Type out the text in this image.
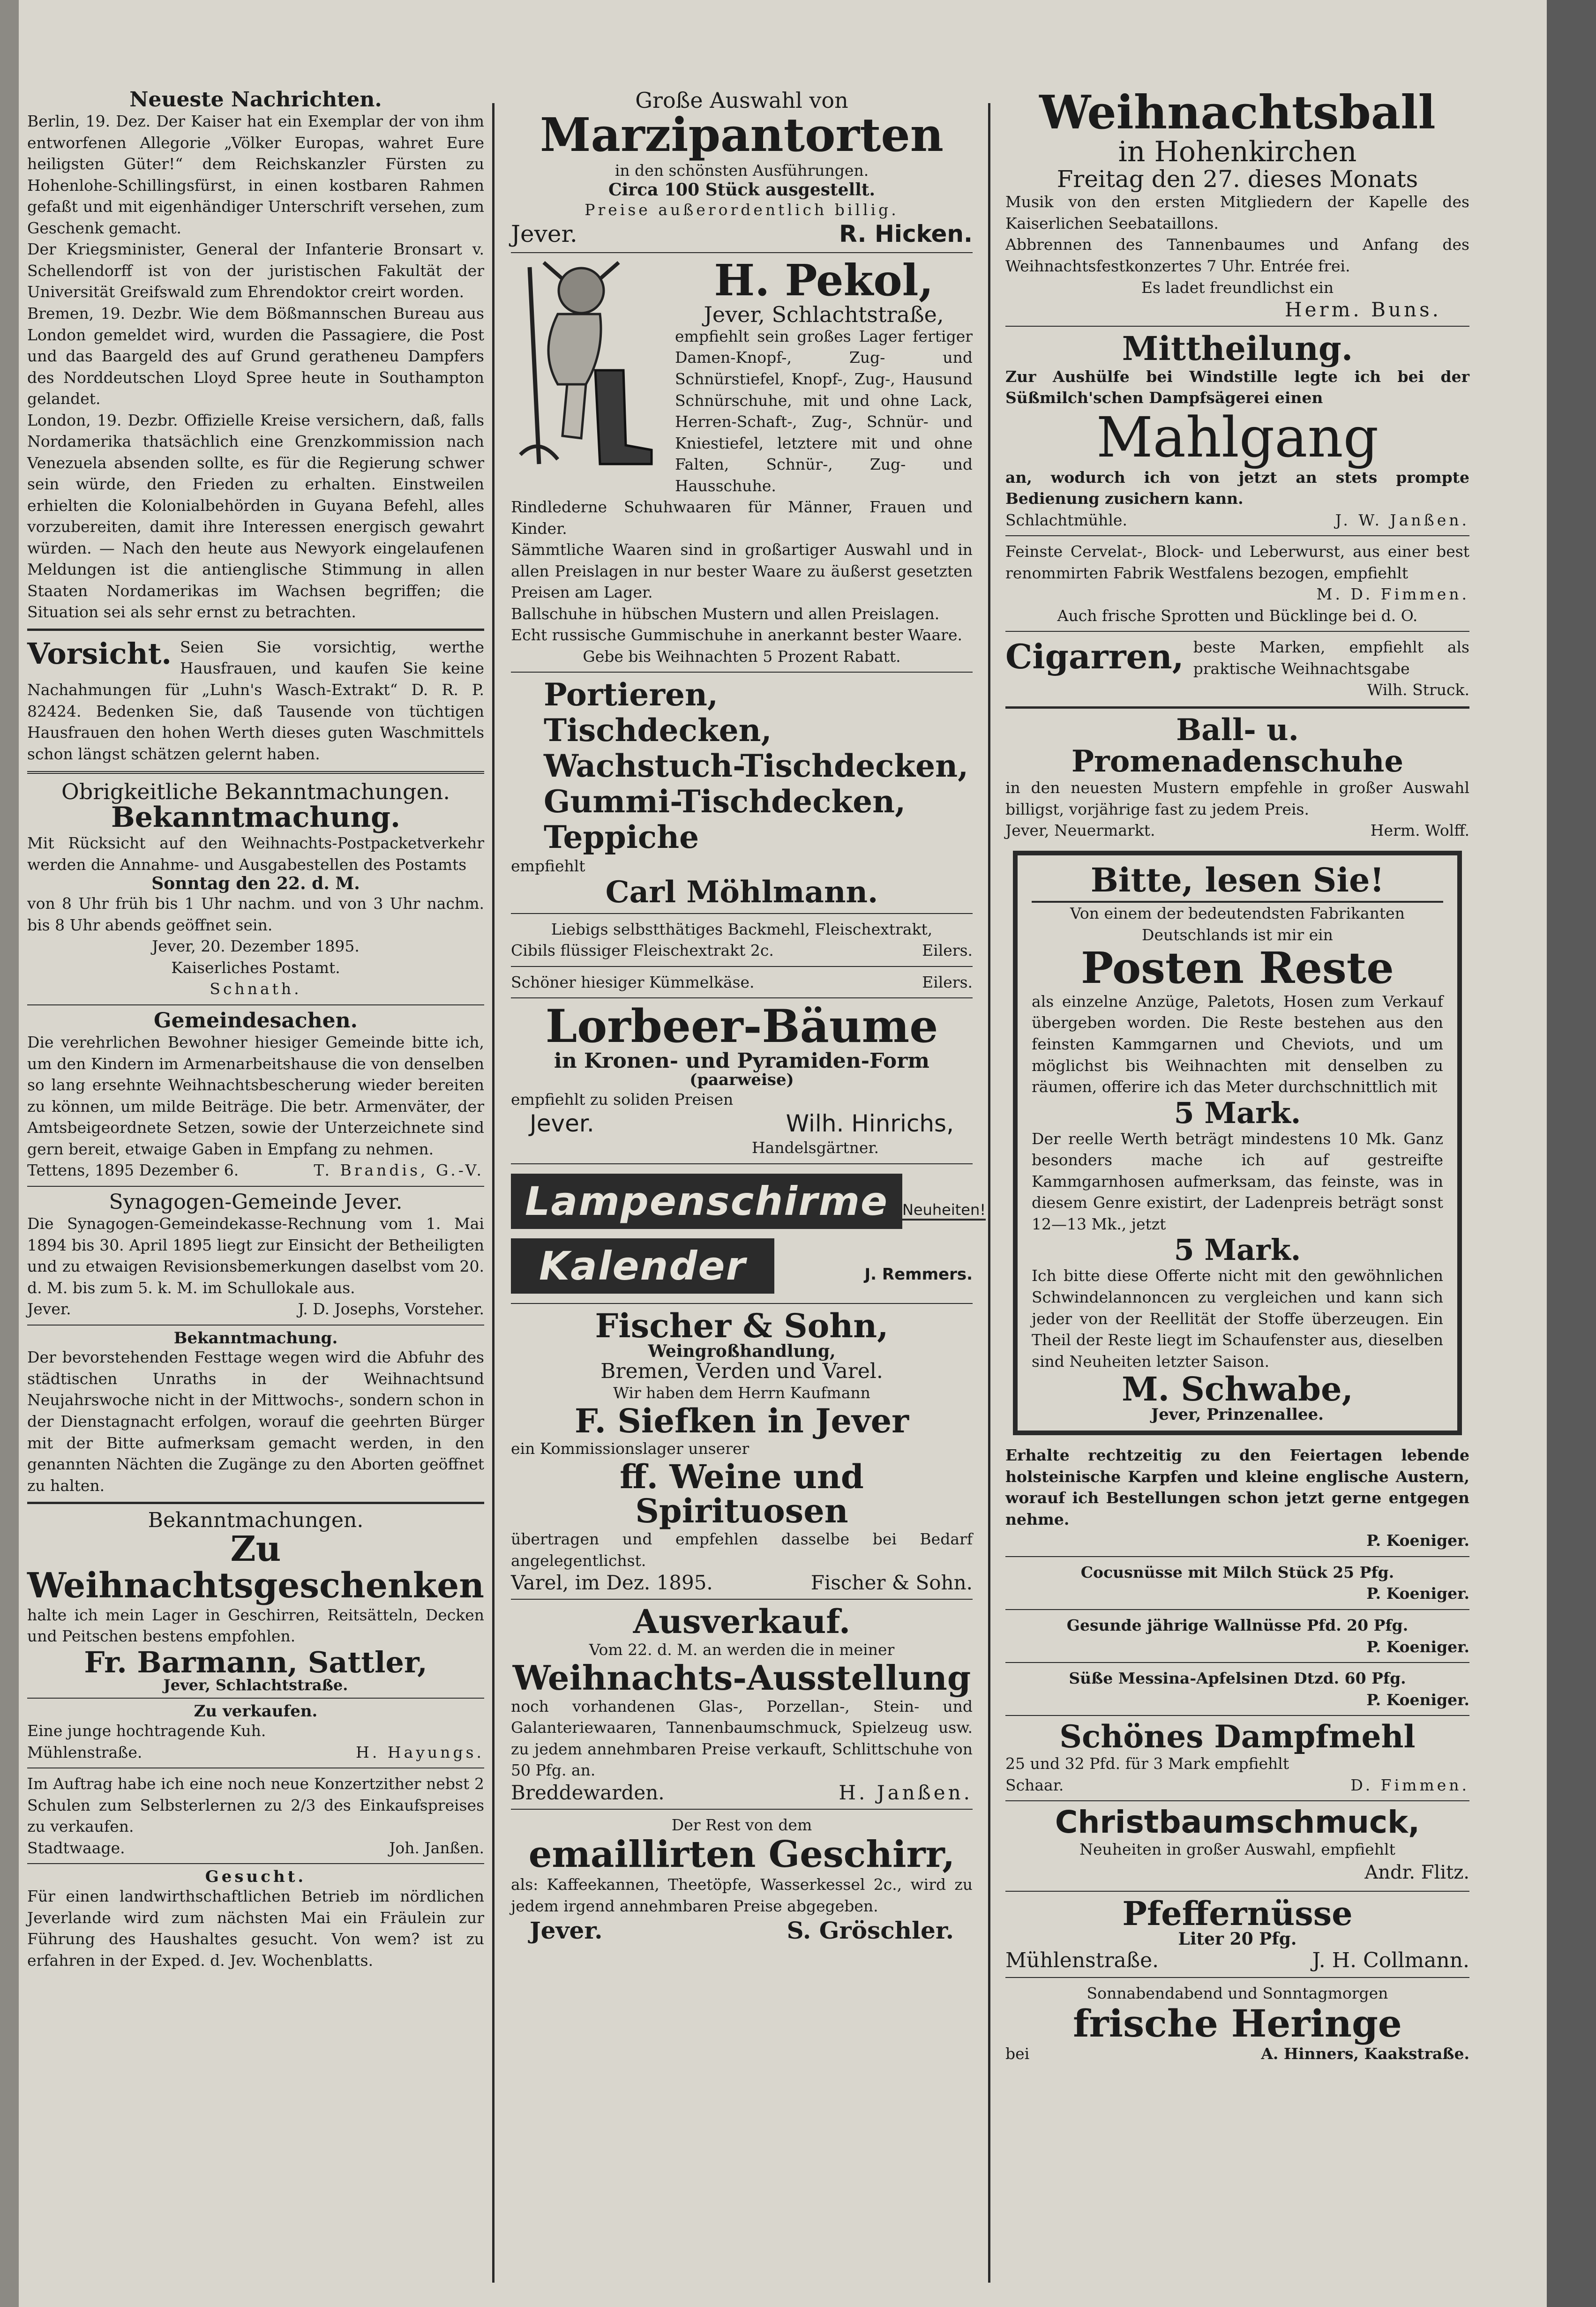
Neueste Nachrichten.

Berlin, 19. Dez. Der Kaiser hat ein Exemplar der von ihm entworfenen Allegorie „Völker Europas, wahret Eure heiligsten Güter!“ dem Reichskanzler Fürsten zu Hohenlohe-Schillingsfürst, in einen kostbaren Rahmen gefaßt und mit eigenhändiger Unterschrift versehen, zum Geschenk gemacht.

Der Kriegsminister, General der Infanterie Bronsart v. Schellendorff ist von der juristischen Fakultät der Universität Greifswald zum Ehrendoktor creirt worden.

Bremen, 19. Dezbr. Wie dem Bößmannschen Bureau aus London gemeldet wird, wurden die Passagiere, die Post und das Baargeld des auf Grund geratheneu Dampfers des Norddeutschen Lloyd Spree heute in Southampton gelandet.

London, 19. Dezbr. Offizielle Kreise versichern, daß, falls Nordamerika thatsächlich eine Grenzkommission nach Venezuela absenden sollte, es für die Regierung schwer sein würde, den Frieden zu erhalten. Einstweilen erhielten die Kolonialbehörden in Guyana Befehl, alles vorzubereiten, damit ihre Interessen energisch gewahrt würden. — Nach den heute aus Newyork eingelaufenen Meldungen ist die antienglische Stimmung in allen Staaten Nordamerikas im Wachsen begriffen; die Situation sei als sehr ernst zu betrachten.

Vorsicht. Seien Sie vorsichtig, werthe Hausfrauen, und kaufen Sie keine Nachahmungen für „Luhn's Wasch-Extrakt“ D. R. P. 82424. Bedenken Sie, daß Tausende von tüchtigen Hausfrauen den hohen Werth dieses guten Waschmittels schon längst schätzen gelernt haben.

Obrigkeitliche Bekanntmachungen.
Bekanntmachung.

Mit Rücksicht auf den Weihnachts-Postpacketverkehr werden die Annahme- und Ausgabestellen des Postamts

Sonntag den 22. d. M.

von 8 Uhr früh bis 1 Uhr nachm. und von 3 Uhr nachm. bis 8 Uhr abends geöffnet sein.

Jever, 20. Dezember 1895.
Kaiserliches Postamt.
Schnath.
Gemeindesachen.

Die verehrlichen Bewohner hiesiger Gemeinde bitte ich, um den Kindern im Armenarbeitshause die von denselben so lang ersehnte Weihnachtsbescherung wieder bereiten zu können, um milde Beiträge. Die betr. Armenväter, der Amtsbeigeordnete Setzen, sowie der Unterzeichnete sind gern bereit, etwaige Gaben in Empfang zu nehmen.

Tettens, 1895 Dezember 6.	T. Brandis, G.-V.
Synagogen-Gemeinde Jever.

Die Synagogen-Gemeindekasse-Rechnung vom 1. Mai 1894 bis 30. April 1895 liegt zur Einsicht der Betheiligten und zu etwaigen Revisionsbemerkungen daselbst vom 20. d. M. bis zum 5. k. M. im Schullokale aus.

Jever.	J. D. Josephs, Vorsteher.
Bekanntmachung.

Der bevorstehenden Festtage wegen wird die Abfuhr des städtischen Unraths in der Weihnachtsund Neujahrswoche nicht in der Mittwochs-, sondern schon in der Dienstagnacht erfolgen, worauf die geehrten Bürger mit der Bitte aufmerksam gemacht werden, in den genannten Nächten die Zugänge zu den Aborten geöffnet zu halten.

Bekanntmachungen.
Zu Weihnachtsgeschenken

halte ich mein Lager in Geschirren, Reitsätteln, Decken und Peitschen bestens empfohlen.

Fr. Barmann, Sattler,
Jever, Schlachtstraße.
Zu verkaufen.

Eine junge hochtragende Kuh.

Mühlenstraße.	H. Hayungs.

Im Auftrag habe ich eine noch neue Konzertzither nebst 2 Schulen zum Selbsterlernen zu 2/3 des Einkaufspreises zu verkaufen.

Stadtwaage.	Joh. Janßen.
Gesucht.

Für einen landwirthschaftlichen Betrieb im nördlichen Jeverlande wird zum nächsten Mai ein Fräulein zur Führung des Haushaltes gesucht. Von wem? ist zu erfahren in der Exped. d. Jev. Wochenblatts.

Große Auswahl von
Marzipantorten
in den schönsten Ausführungen.
Circa 100 Stück ausgestellt.
Preise außerordentlich billig.
Jever.	R. Hicken.
H. Pekol,
Jever, Schlachtstraße,

empfiehlt sein großes Lager fertiger Damen-Knopf-, Zug- und Schnürstiefel, Knopf-, Zug-, Hausund Schnürschuhe, mit und ohne Lack, Herren-Schaft-, Zug-, Schnür- und Kniestiefel, letztere mit und ohne Falten, Schnür-, Zug- und Hausschuhe.

Rindlederne Schuhwaaren für Männer, Frauen und Kinder.

Sämmtliche Waaren sind in großartiger Auswahl und in allen Preislagen in nur bester Waare zu äußerst gesetzten Preisen am Lager.

Ballschuhe in hübschen Mustern und allen Preislagen.

Echt russische Gummischuhe in anerkannt bester Waare.

Gebe bis Weihnachten 5 Prozent Rabatt.
Portieren,
Tischdecken,
Wachstuch-Tischdecken,
Gummi-Tischdecken,
Teppiche
empfiehlt
Carl Möhlmann.
Liebigs selbstthätiges Backmehl, Fleischextrakt,
Cibils flüssiger Fleischextrakt 2c.	Eilers.
Schöner hiesiger Kümmelkäse.	Eilers.
Lorbeer-Bäume
in Kronen- und Pyramiden-Form
(paarweise)
empfiehlt zu soliden Preisen
Jever.	Wilh. Hinrichs,
Handelsgärtner.
Lampenschirme Neuheiten!
Kalender	J. Remmers.
Fischer & Sohn,
Weingroßhandlung,
Bremen, Verden und Varel.
Wir haben dem Herrn Kaufmann
F. Siefken in Jever
ein Kommissionslager unserer
ff. Weine und Spirituosen

übertragen und empfehlen dasselbe bei Bedarf angelegentlichst.

Varel, im Dez. 1895.	Fischer & Sohn.
Ausverkauf.
Vom 22. d. M. an werden die in meiner
Weihnachts-Ausstellung

noch vorhandenen Glas-, Porzellan-, Stein- und Galanteriewaaren, Tannenbaumschmuck, Spielzeug usw. zu jedem annehmbaren Preise verkauft, Schlittschuhe von 50 Pfg. an.

Breddewarden.	H. Janßen.
Der Rest von dem
emaillirten Geschirr,

als: Kaffeekannen, Theetöpfe, Wasserkessel 2c., wird zu jedem irgend annehmbaren Preise abgegeben.

Jever.	S. Gröschler.
Weihnachtsball
in Hohenkirchen
Freitag den 27. dieses Monats

Musik von den ersten Mitgliedern der Kapelle des Kaiserlichen Seebataillons.

Abbrennen des Tannenbaumes und Anfang des Weihnachtsfestkonzertes 7 Uhr. Entrée frei.

Es ladet freundlichst ein
Herm. Buns.
Mittheilung.

Zur Aushülfe bei Windstille legte ich bei der Süßmilch'schen Dampfsägerei einen

Mahlgang

an, wodurch ich von jetzt an stets prompte Bedienung zusichern kann.

Schlachtmühle.	J. W. Janßen.

Feinste Cervelat-, Block- und Leberwurst, aus einer best renommirten Fabrik Westfalens bezogen, empfiehlt

M. D. Fimmen.
Auch frische Sprotten und Bücklinge bei d. O.
Cigarren, beste Marken, empfiehlt als praktische Weihnachtsgabe

Wilh. Struck.
Ball- u. Promenadenschuhe

in den neuesten Mustern empfehle in großer Auswahl billigst, vorjährige fast zu jedem Preis.

Jever, Neuermarkt.	Herm. Wolff.
Bitte, lesen Sie!
Von einem der bedeutendsten Fabrikanten Deutschlands ist mir ein
Posten Reste

als einzelne Anzüge, Paletots, Hosen zum Verkauf übergeben worden. Die Reste bestehen aus den feinsten Kammgarnen und Cheviots, und um möglichst bis Weihnachten mit denselben zu räumen, offerire ich das Meter durchschnittlich mit

5 Mark.

Der reelle Werth beträgt mindestens 10 Mk. Ganz besonders mache ich auf gestreifte Kammgarnhosen aufmerksam, das feinste, was in diesem Genre existirt, der Ladenpreis beträgt sonst 12—13 Mk., jetzt

5 Mark.

Ich bitte diese Offerte nicht mit den gewöhnlichen Schwindelannoncen zu vergleichen und kann sich jeder von der Reellität der Stoffe überzeugen. Ein Theil der Reste liegt im Schaufenster aus, dieselben sind Neuheiten letzter Saison.

M. Schwabe,
Jever, Prinzenallee.

Erhalte rechtzeitig zu den Feiertagen lebende holsteinische Karpfen und kleine englische Austern, worauf ich Bestellungen schon jetzt gerne entgegen nehme.

P. Koeniger.
Cocusnüsse mit Milch Stück 25 Pfg.
P. Koeniger.
Gesunde jährige Wallnüsse Pfd. 20 Pfg.
P. Koeniger.
Süße Messina-Apfelsinen Dtzd. 60 Pfg.
P. Koeniger.
Schönes Dampfmehl
25 und 32 Pfd. für 3 Mark empfiehlt
Schaar.	D. Fimmen.
Christbaumschmuck,
Neuheiten in großer Auswahl, empfiehlt
Andr. Flitz.
Pfeffernüsse
Liter 20 Pfg.
Mühlenstraße.	J. H. Collmann.
Sonnabendabend und Sonntagmorgen
frische Heringe
bei	A. Hinners, Kaakstraße.
